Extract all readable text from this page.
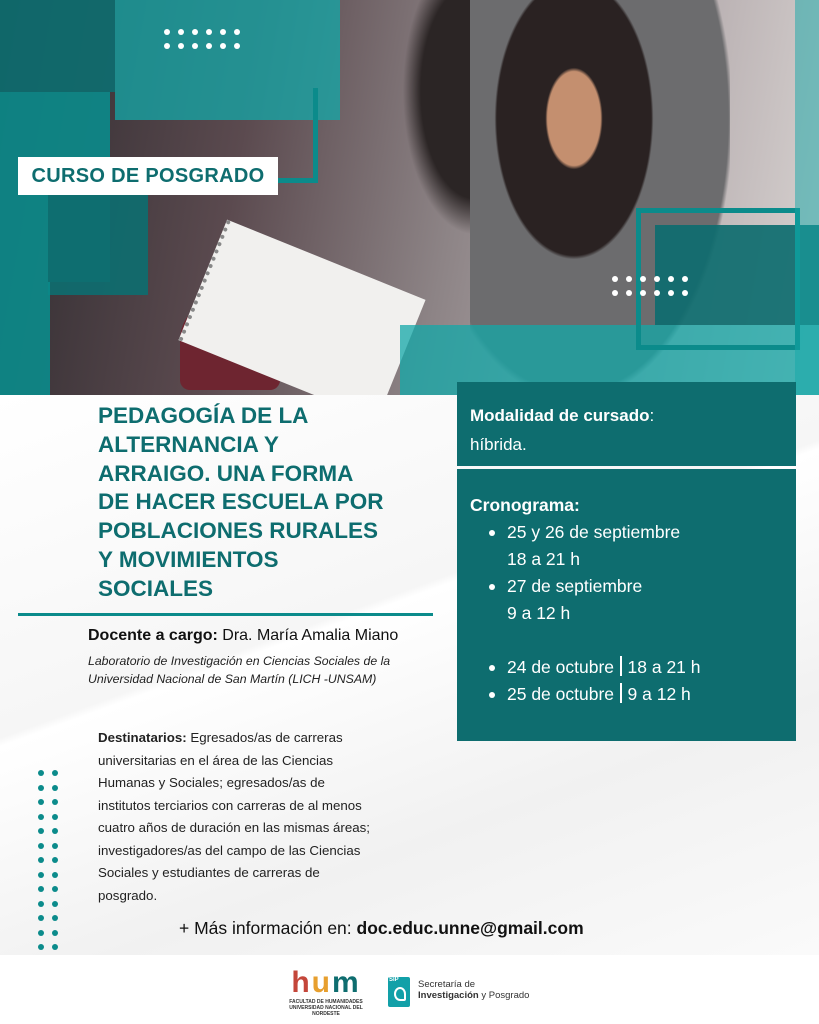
CURSO DE POSGRADO
PEDAGOGÍA DE LA
ALTERNANCIA Y
ARRAIGO. UNA FORMA
DE HACER ESCUELA POR
POBLACIONES RURALES
Y MOVIMIENTOS
SOCIALES
Docente a cargo: Dra. María Amalia Miano
Laboratorio de Investigación en Ciencias Sociales de la
Universidad Nacional de San Martín (LICH -UNSAM)
Destinatarios: Egresados/as de carreras
universitarias en el área de las Ciencias
Humanas y Sociales; egresados/as de
institutos terciarios con carreras de al menos
cuatro años de duración en las mismas áreas;
investigadores/as del campo de las Ciencias
Sociales y estudiantes de carreras de
posgrado.
Modalidad de cursado:
híbrida.
Cronograma:
25 y 26 de septiembre
18 a 21 h
27 de septiembre
9 a 12 h
24 de octubre 18 a 21 h
25 de octubre 9 a 12 h
+ Más información en: doc.educ.unne@gmail.com
hum
FACULTAD DE HUMANIDADES
UNIVERSIDAD NACIONAL DEL NORDESTE
SIP Secretaría de
Investigación y Posgrado
